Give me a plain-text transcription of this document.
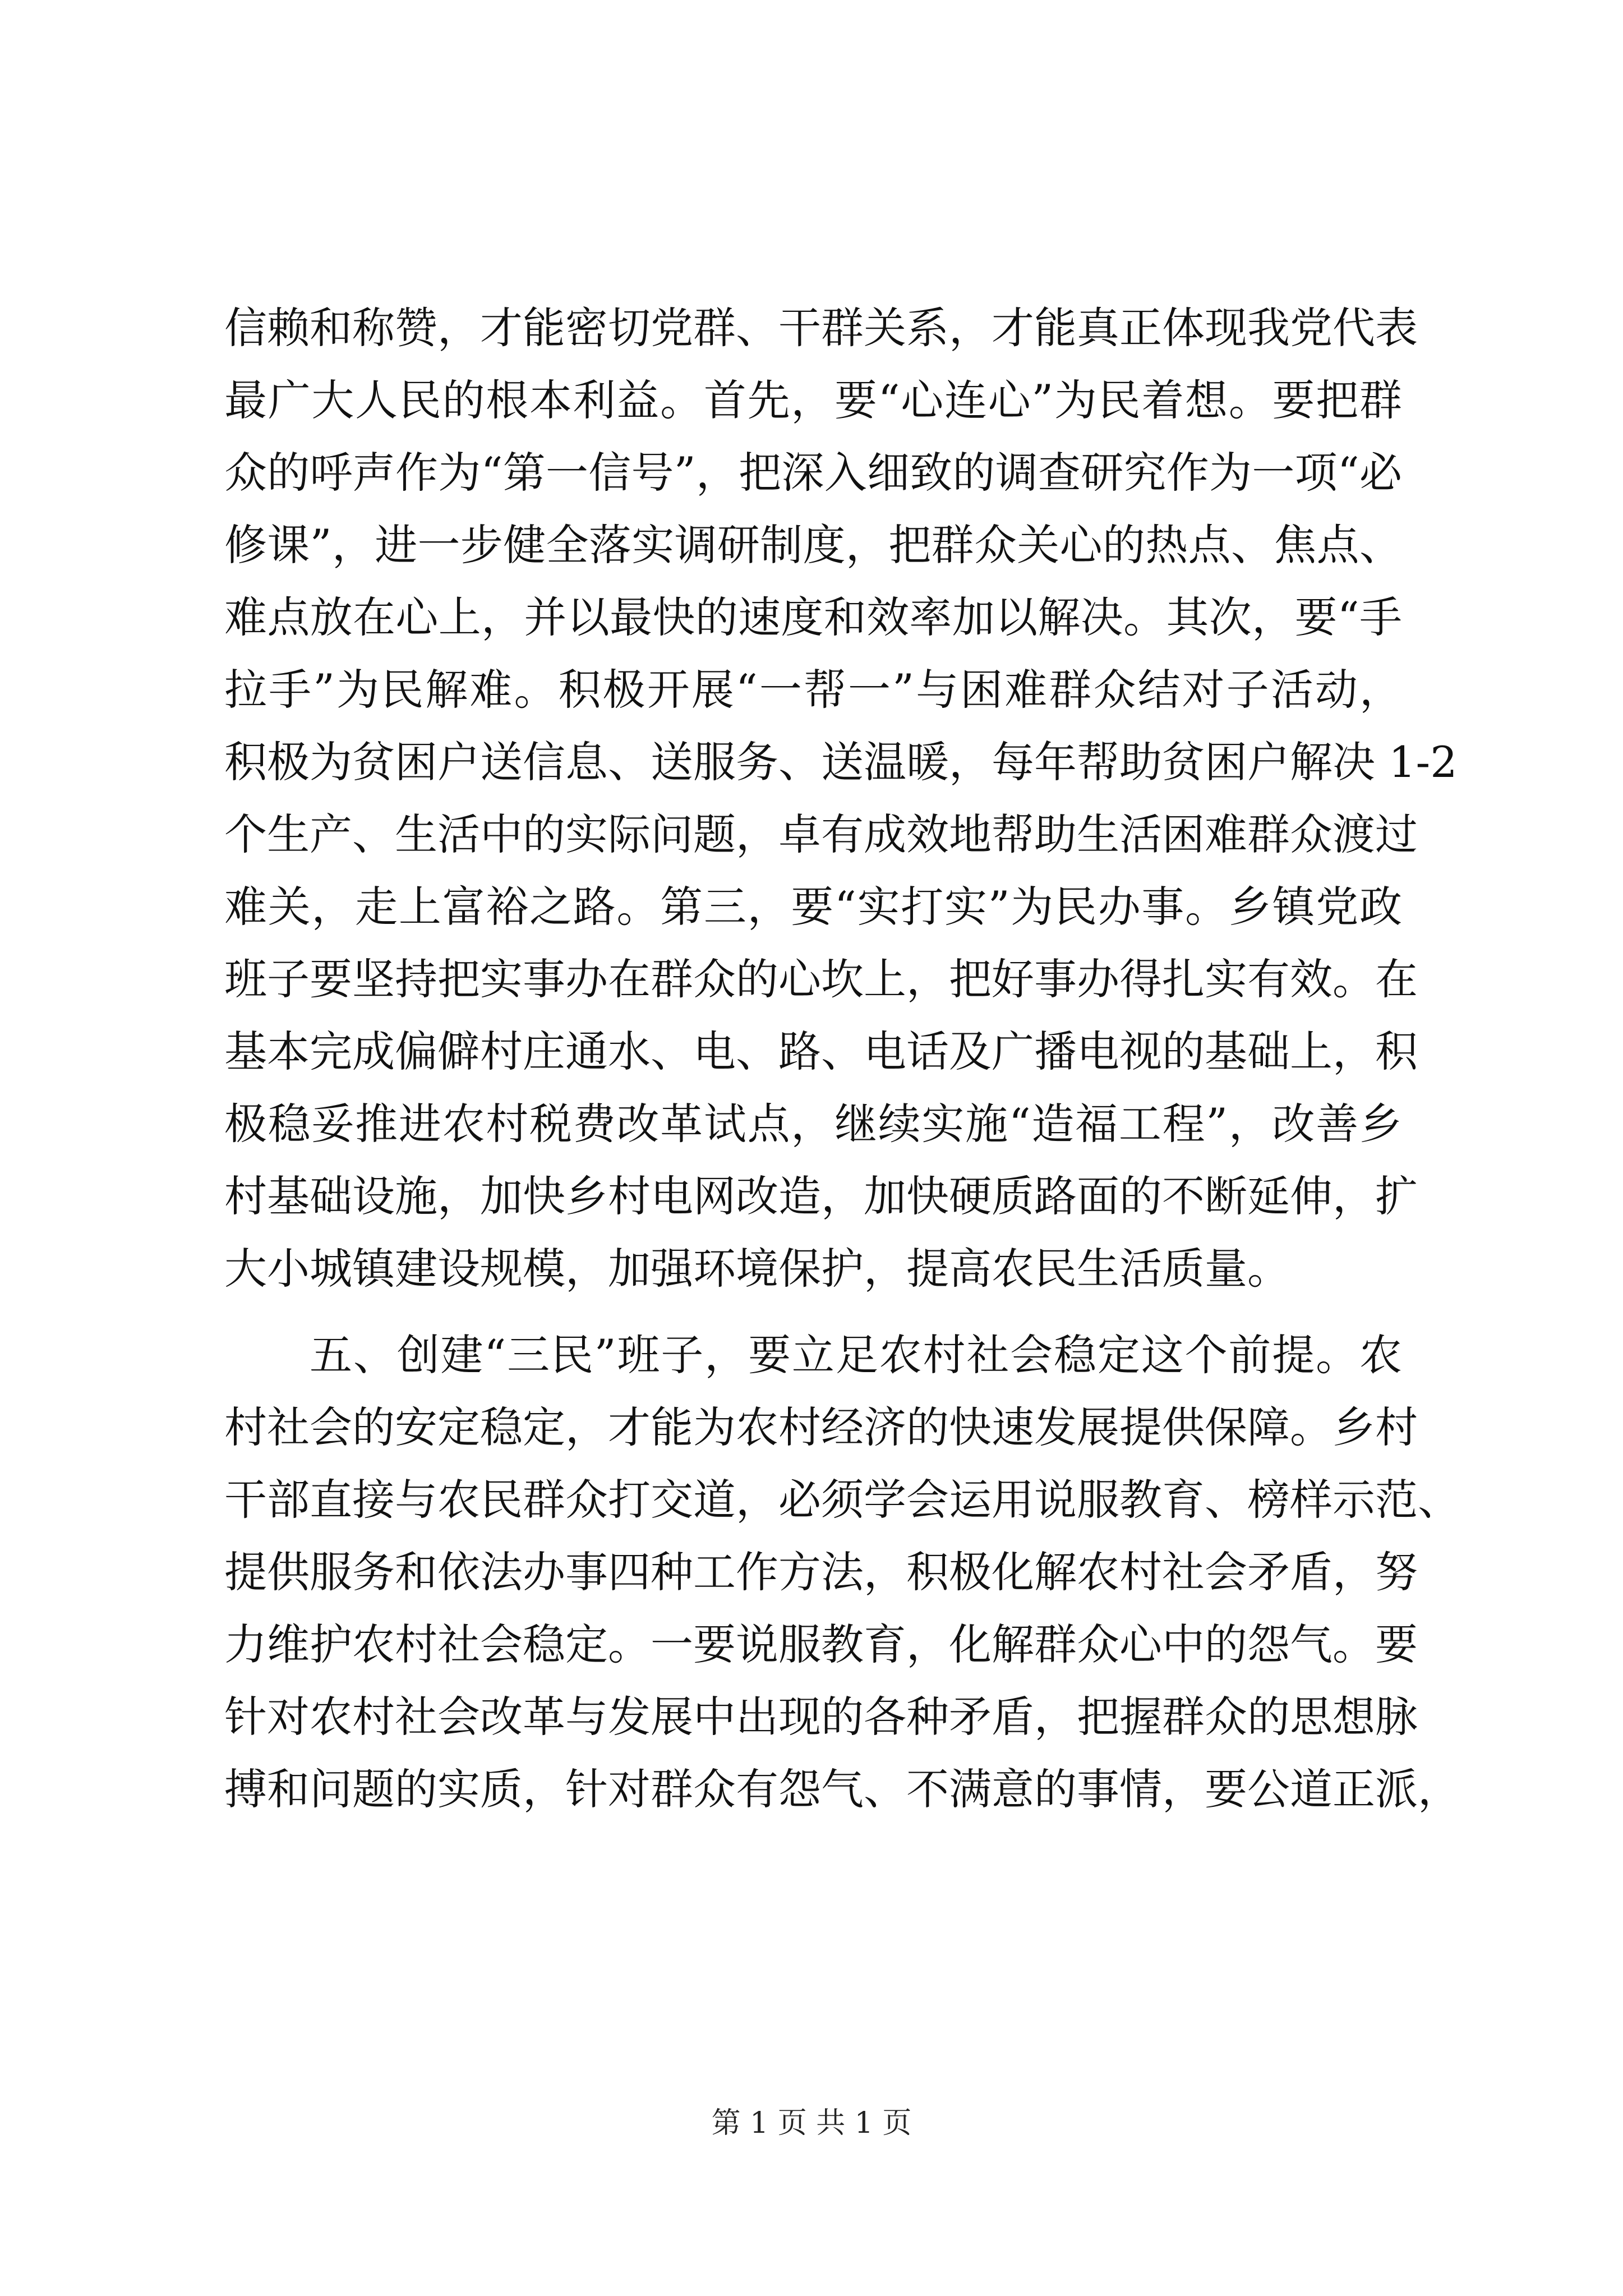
信赖和称赞，才能密切党群、干群关系，才能真正体现我党代表
最广大人民的根本利益。首先，要“心连心”为民着想。要把群
众的呼声作为“第一信号”，把深入细致的调查研究作为一项“必
修课”，进一步健全落实调研制度，把群众关心的热点、焦点、
难点放在心上，并以最快的速度和效率加以解决。其次，要“手
拉手”为民解难。积极开展“一帮一”与困难群众结对子活动，
积极为贫困户送信息、送服务、送温暖，每年帮助贫困户解决 1-2
个生产、生活中的实际问题，卓有成效地帮助生活困难群众渡过
难关，走上富裕之路。第三，要“实打实”为民办事。乡镇党政
班子要坚持把实事办在群众的心坎上，把好事办得扎实有效。在
基本完成偏僻村庄通水、电、路、电话及广播电视的基础上，积
极稳妥推进农村税费改革试点，继续实施“造福工程”，改善乡
村基础设施，加快乡村电网改造，加快硬质路面的不断延伸，扩
大小城镇建设规模，加强环境保护，提高农民生活质量。
五、创建“三民”班子，要立足农村社会稳定这个前提。农
村社会的安定稳定，才能为农村经济的快速发展提供保障。乡村
干部直接与农民群众打交道，必须学会运用说服教育、榜样示范、
提供服务和依法办事四种工作方法，积极化解农村社会矛盾，努
力维护农村社会稳定。一要说服教育，化解群众心中的怨气。要
针对农村社会改革与发展中出现的各种矛盾，把握群众的思想脉
搏和问题的实质，针对群众有怨气、不满意的事情，要公道正派，
第 1 页 共 1 页
